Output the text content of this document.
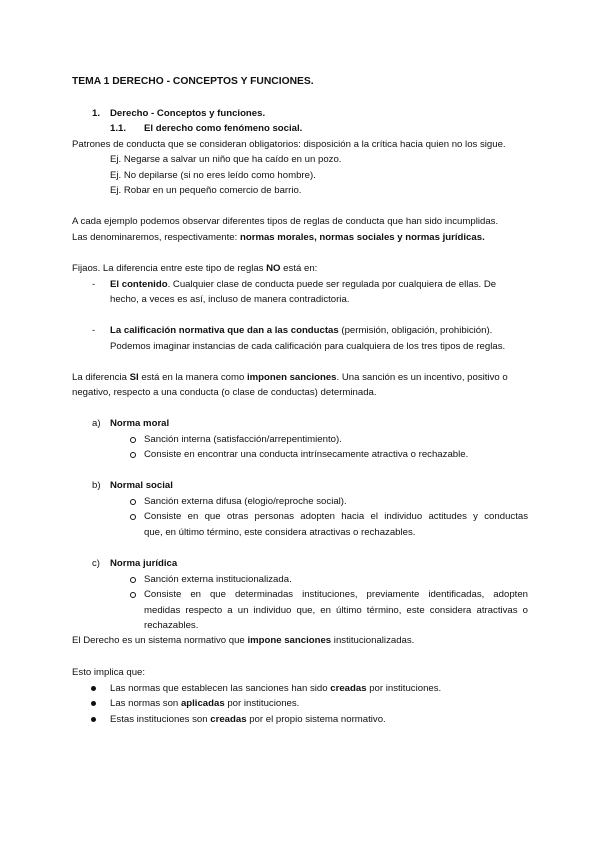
TEMA 1 DERECHO - CONCEPTOS Y FUNCIONES.
1. Derecho - Conceptos y funciones.
1.1. El derecho como fenómeno social.
Patrones de conducta que se consideran obligatorios: disposición a la crítica hacia quien no los sigue.
Ej. Negarse a salvar un niño que ha caído en un pozo.
Ej. No depilarse (si no eres leído como hombre).
Ej. Robar en un pequeño comercio de barrio.
A cada ejemplo podemos observar diferentes tipos de reglas de conducta que han sido incumplidas.
Las denominaremos, respectivamente: normas morales, normas sociales y normas jurídicas.
Fijaos. La diferencia entre este tipo de reglas NO está en:
- El contenido. Cualquier clase de conducta puede ser regulada por cualquiera de ellas. De
hecho, a veces es así, incluso de manera contradictoria.
- La calificación normativa que dan a las conductas (permisión, obligación, prohibición).
Podemos imaginar instancias de cada calificación para cualquiera de los tres tipos de reglas.
La diferencia SI está en la manera como imponen sanciones. Una sanción es un incentivo, positivo o
negativo, respecto a una conducta (o clase de conductas) determinada.
a) Norma moral
Sanción interna (satisfacción/arrepentimiento).
Consiste en encontrar una conducta intrínsecamente atractiva o rechazable.
b) Normal social
Sanción externa difusa (elogio/reproche social).
Consiste en que otras personas adopten hacia el individuo actitudes y conductas
que, en último término, este considera atractivas o rechazables.
c) Norma jurídica
Sanción externa institucionalizada.
Consiste en que determinadas instituciones, previamente identificadas, adopten
medidas respecto a un individuo que, en último término, este considera atractivas o
rechazables.
El Derecho es un sistema normativo que impone sanciones institucionalizadas.
Esto implica que:
Las normas que establecen las sanciones han sido creadas por instituciones.
Las normas son aplicadas por instituciones.
Estas instituciones son creadas por el propio sistema normativo.
